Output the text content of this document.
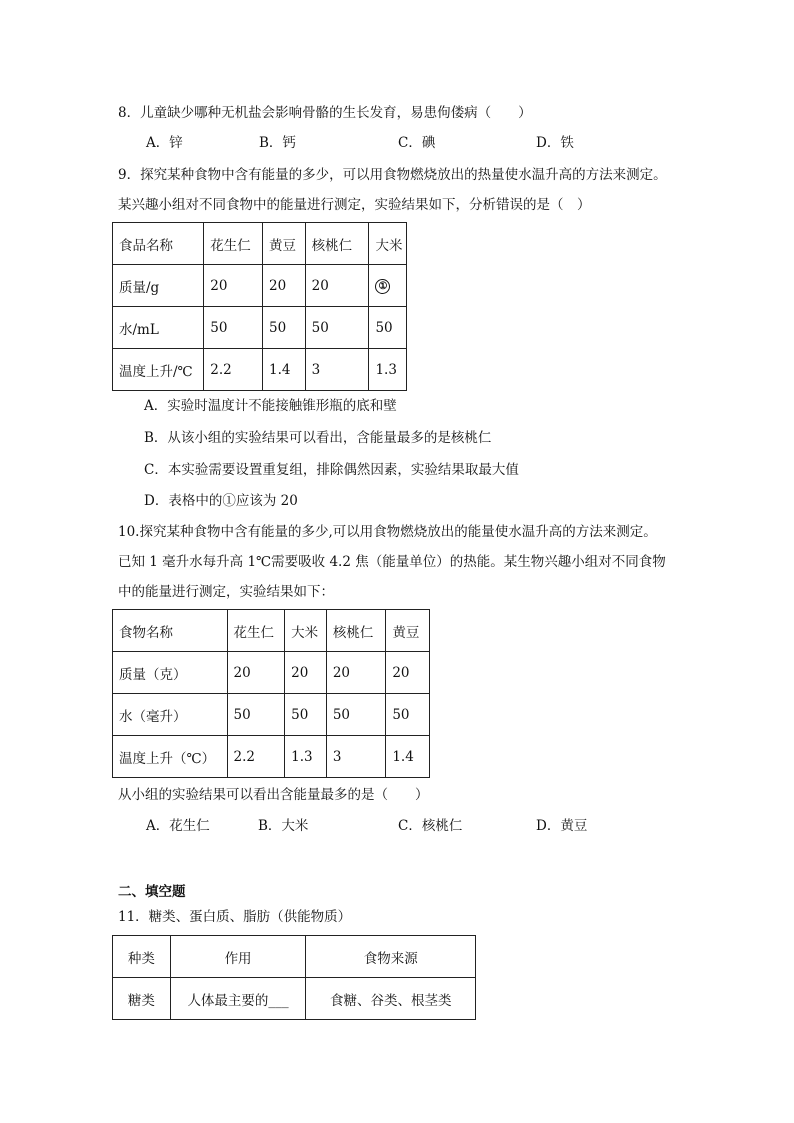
8．儿童缺少哪种无机盐会影响骨骼的生长发育，易患佝偻病（　　）
A．锌	B．钙	C．碘	D．铁
9．探究某种食物中含有能量的多少，可以用食物燃烧放出的热量使水温升高的方法来测定。
某兴趣小组对不同食物中的能量进行测定，实验结果如下，分析错误的是（　）
食品名称	花生仁	黄豆	核桃仁	大米
质量/g	20	20	20	①
水/mL	50	50	50	50
温度上升/℃	2.2	1.4	3	1.3
A．实验时温度计不能接触锥形瓶的底和壁
B．从该小组的实验结果可以看出，含能量最多的是核桃仁
C．本实验需要设置重复组，排除偶然因素，实验结果取最大值
D．表格中的①应该为 20
10.探究某种食物中含有能量的多少,可以用食物燃烧放出的能量使水温升高的方法来测定。
已知 1 毫升水每升高 1℃需要吸收 4.2 焦（能量单位）的热能。某生物兴趣小组对不同食物
中的能量进行测定，实验结果如下：
食物名称	花生仁	大米	核桃仁	黄豆
质量（克）	20	20	20	20
水（毫升）	50	50	50	50
温度上升（℃）	2.2	1.3	3	1.4
从小组的实验结果可以看出含能量最多的是（　　）
A．花生仁	B．大米	C．核桃仁	D．黄豆
二、填空题
11．糖类、蛋白质、脂肪（供能物质）
种类	作用	食物来源
糖类	人体最主要的___	食糖、谷类、根茎类
